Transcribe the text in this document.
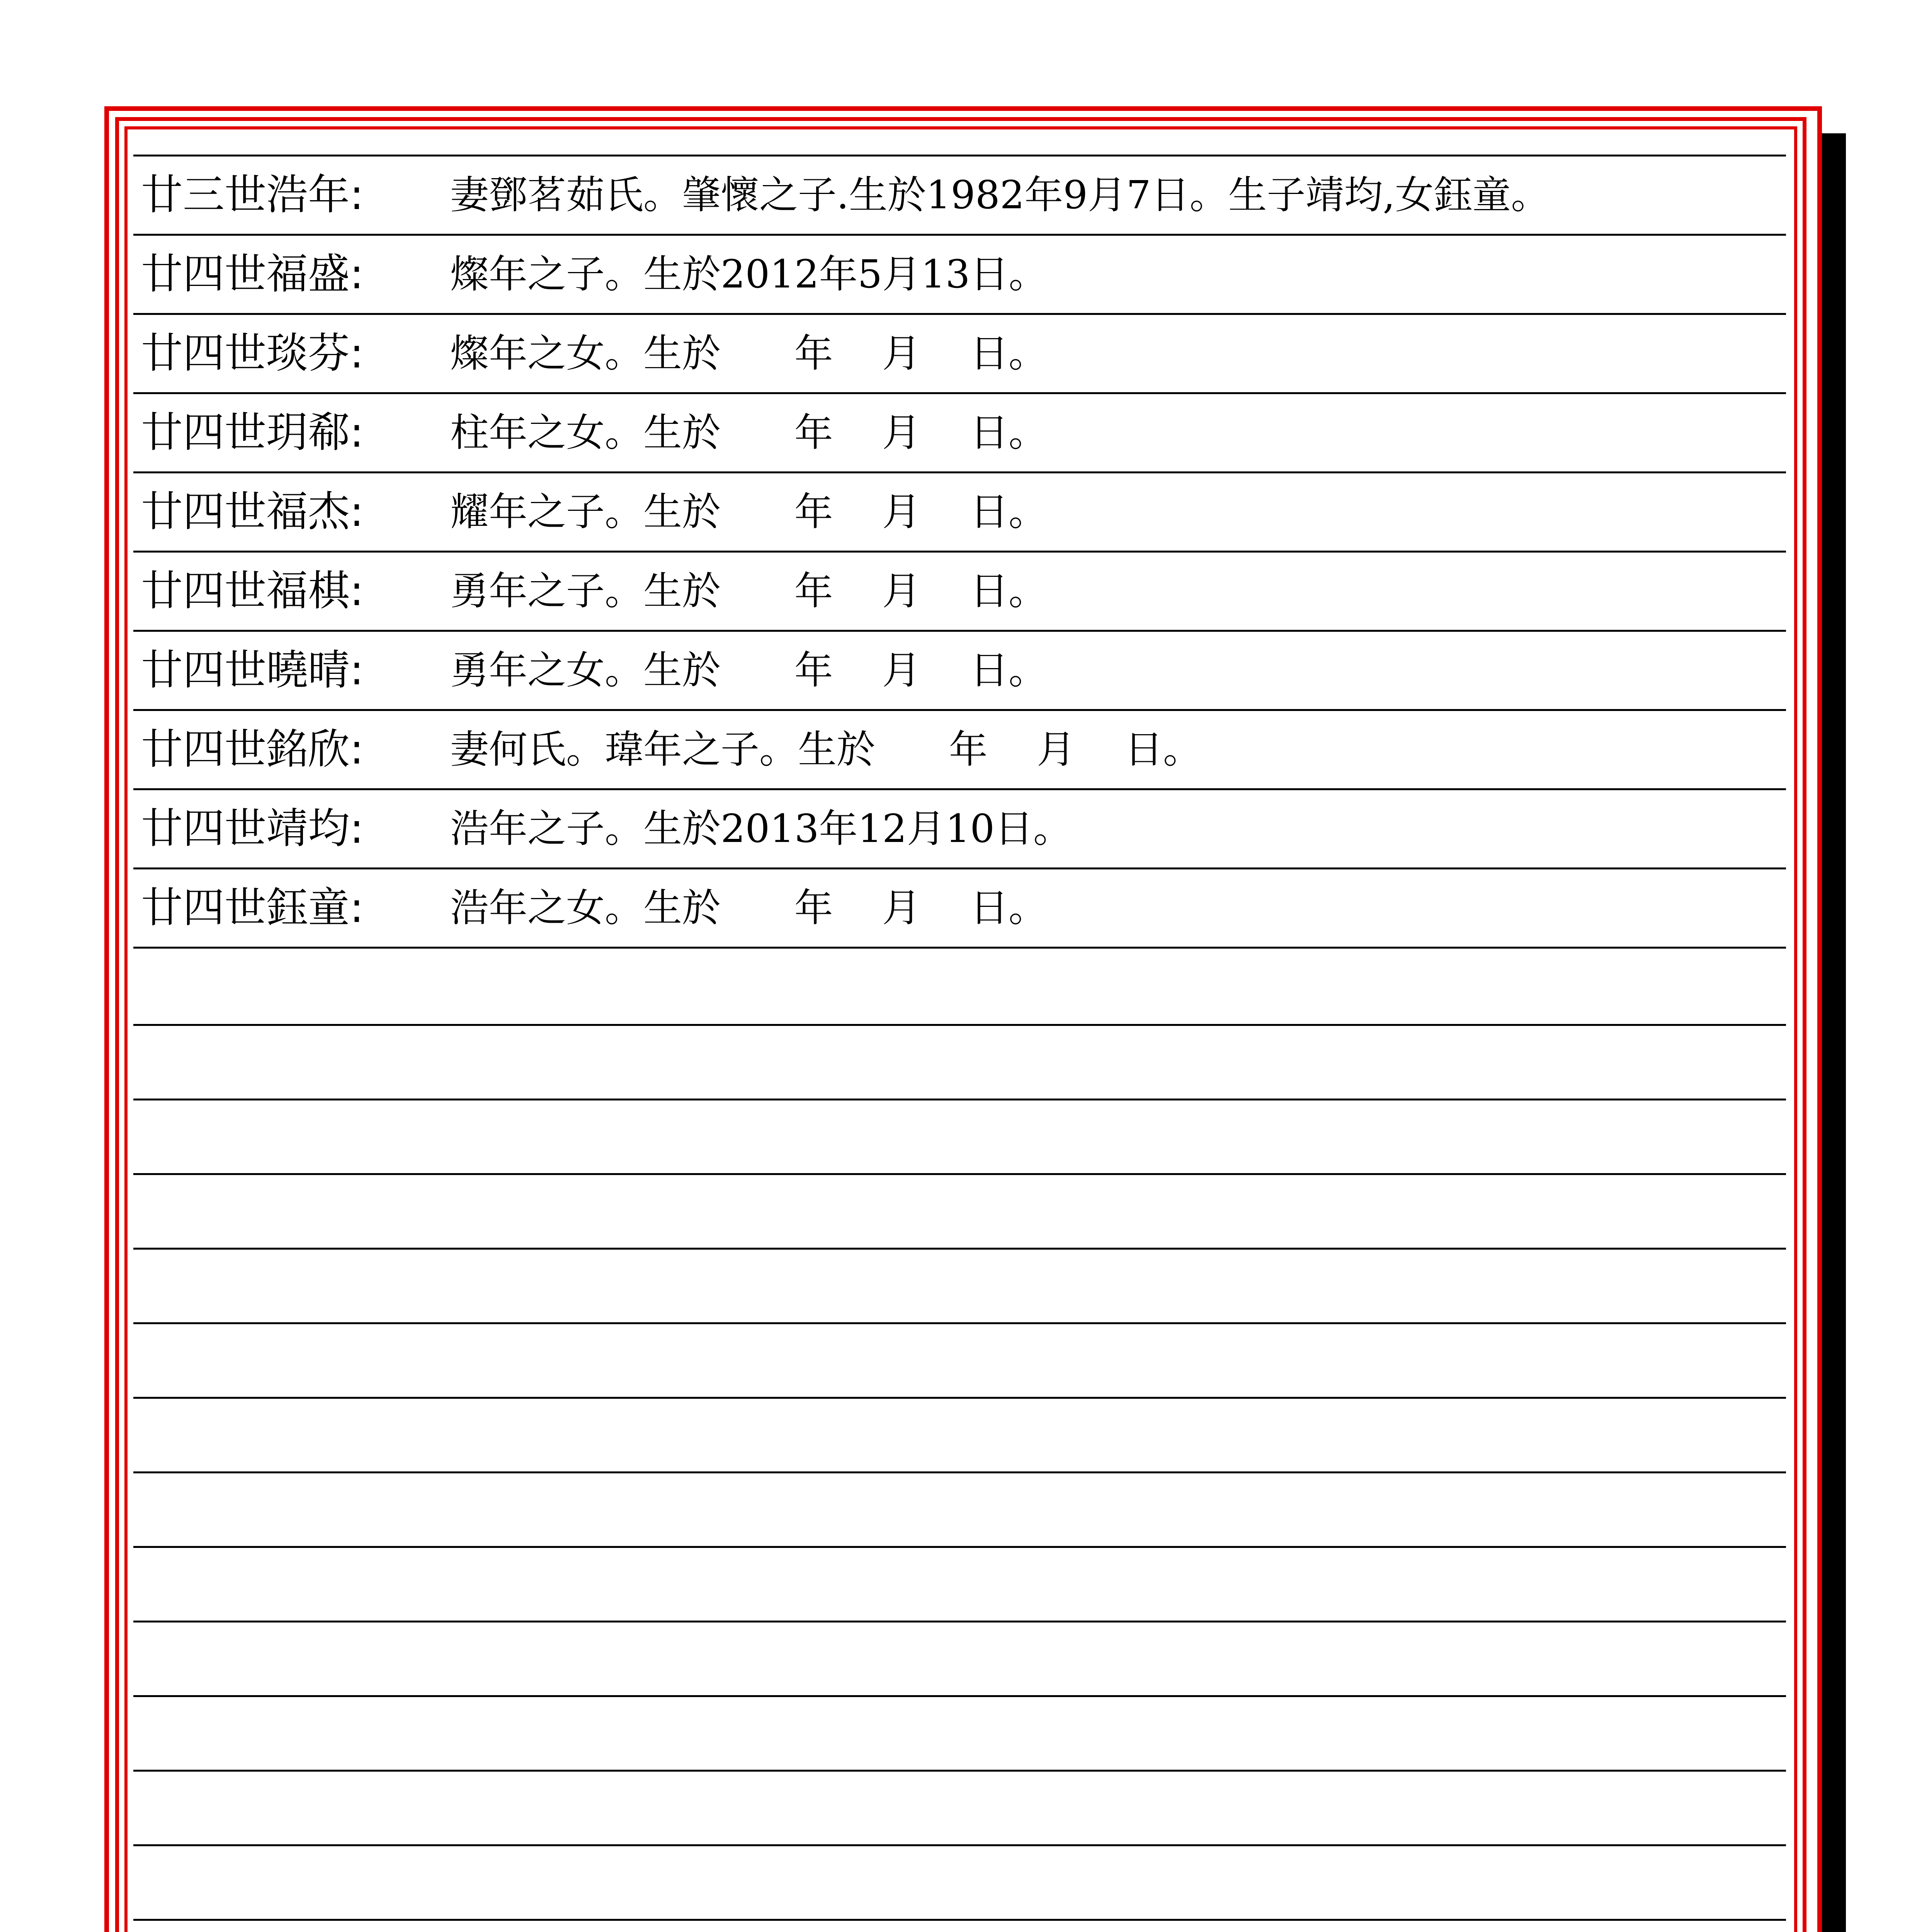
廿三世浩年: 妻鄧茗茹氏。肇懷之子.生於1982年9月7日。生子靖均,女鈺童。
廿四世福盛: 燦年之子。生於2012年5月13日。
廿四世琰芬: 燦年之女。生於      年    月    日。
廿四世玥郗: 柱年之女。生於      年    月    日。
廿四世福杰: 耀年之子。生於      年    月    日。
廿四世福棋: 勇年之子。生於      年    月    日。
廿四世曉晴: 勇年之女。生於      年    月    日。
廿四世銘欣: 妻何氏。瑋年之子。生於      年    月    日。
廿四世靖均: 浩年之子。生於2013年12月10日。
廿四世鈺童: 浩年之女。生於      年    月    日。
